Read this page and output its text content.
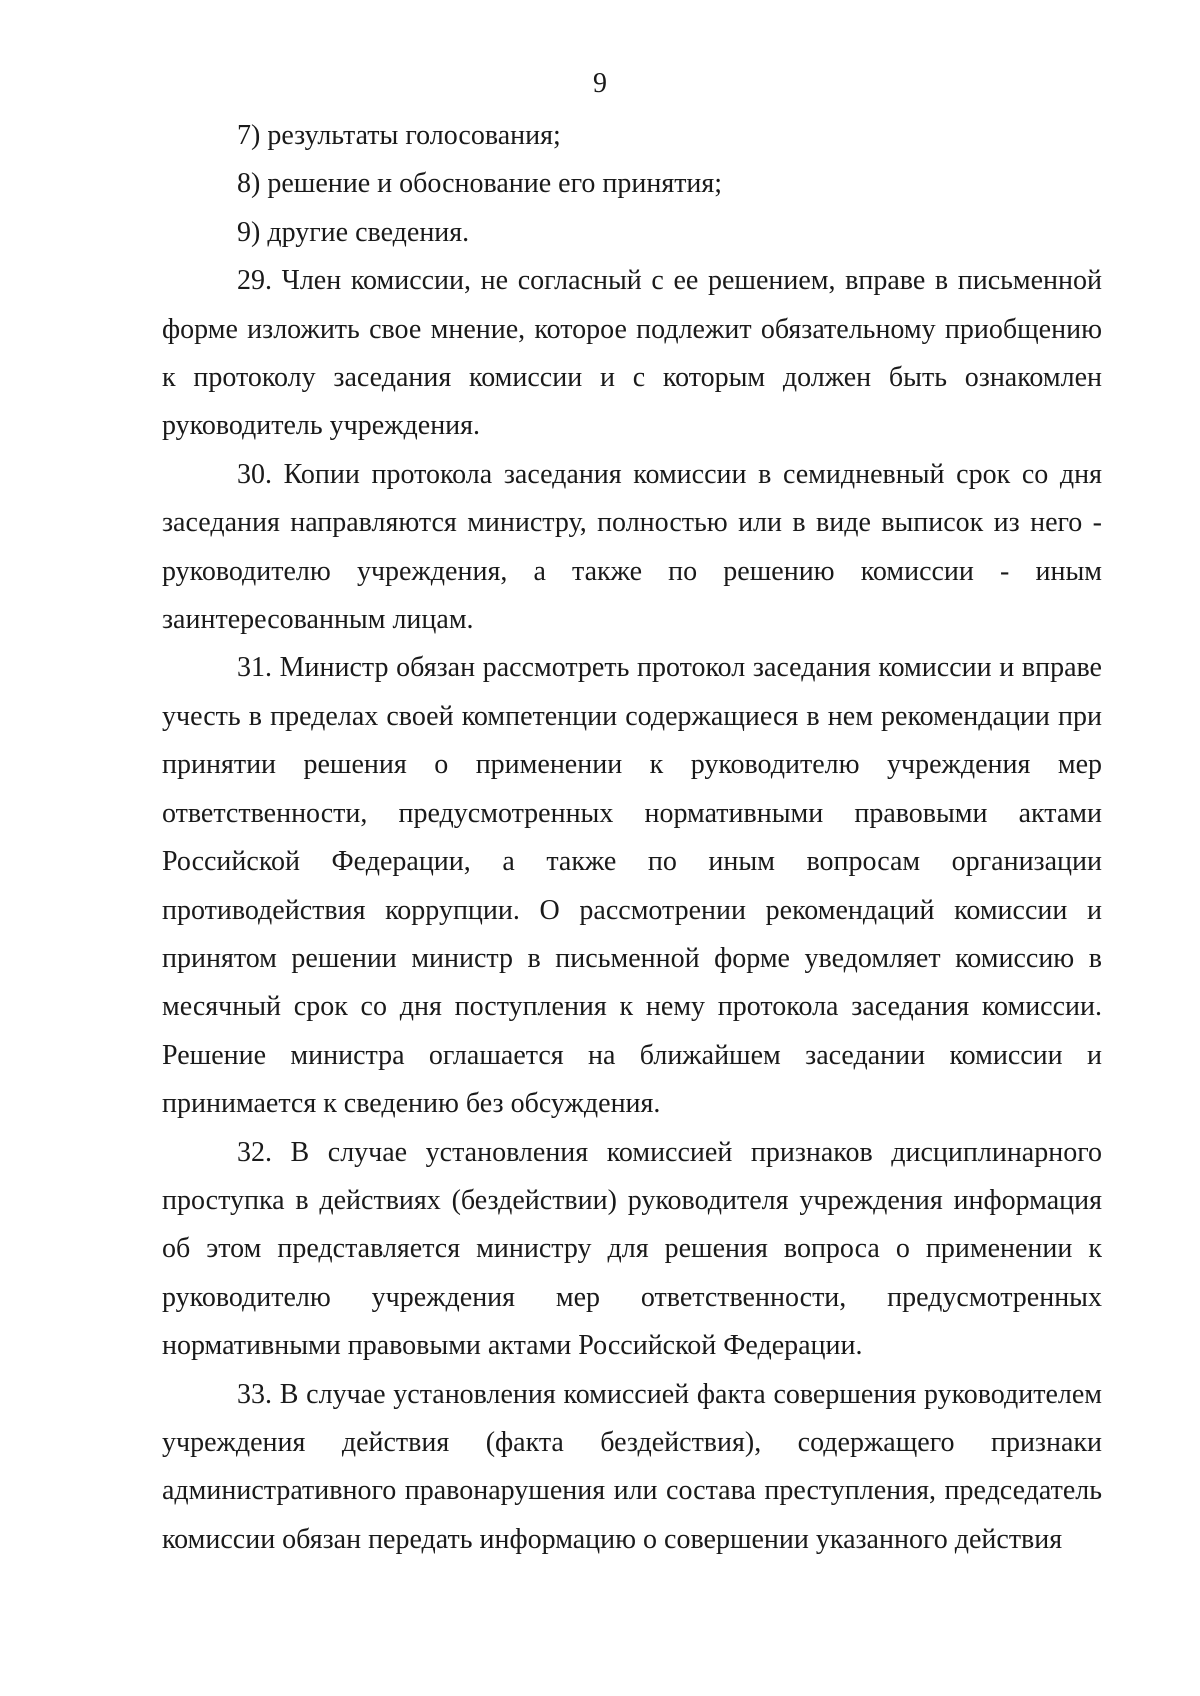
9

7) результаты голосования;

8) решение и обоснование его принятия;

9) другие сведения.

29. Член комиссии, не согласный с ее решением, вправе в письменной форме изложить свое мнение, которое подлежит обязательному приобщению к протоколу заседания комиссии и с которым должен быть ознакомлен руководитель учреждения.

30. Копии протокола заседания комиссии в семидневный срок со дня заседания направляются министру, полностью или в виде выписок из него - руководителю учреждения, а также по решению комиссии - иным заинтересованным лицам.

31. Министр обязан рассмотреть протокол заседания комиссии и вправе учесть в пределах своей компетенции содержащиеся в нем рекомендации при принятии решения о применении к руководителю учреждения мер ответственности, предусмотренных нормативными правовыми актами Российской Федерации, а также по иным вопросам организации противодействия коррупции. О рассмотрении рекомендаций комиссии и принятом решении министр в письменной форме уведомляет комиссию в месячный срок со дня поступления к нему протокола заседания комиссии. Решение министра оглашается на ближайшем заседании комиссии и принимается к сведению без обсуждения.

32. В случае установления комиссией признаков дисциплинарного проступка в действиях (бездействии) руководителя учреждения информация об этом представляется министру для решения вопроса о применении к руководителю учреждения мер ответственности, предусмотренных нормативными правовыми актами Российской Федерации.

33. В случае установления комиссией факта совершения руководителем учреждения действия (факта бездействия), содержащего признаки административного правонарушения или состава преступления, председатель комиссии обязан передать информацию о совершении указанного действия
